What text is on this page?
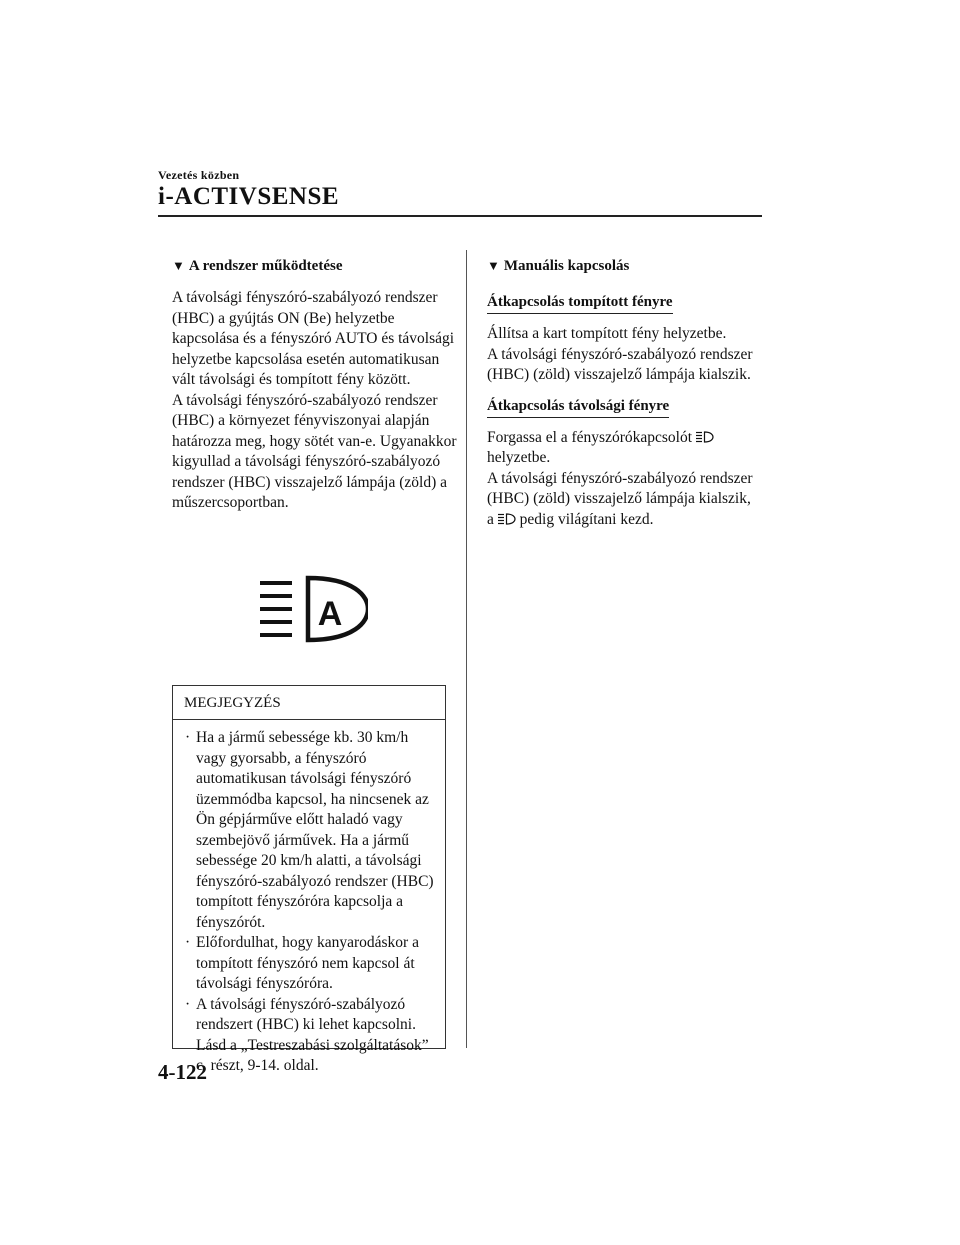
Vezetés közben
i-ACTIVSENSE
▼ A rendszer működtetése

A távolsági fényszóró-szabályozó rendszer (HBC) a gyújtás ON (Be) helyzetbe kapcsolása és a fényszóró AUTO és távolsági helyzetbe kapcsolása esetén automatikusan vált távolsági és tompított fény között.

A távolsági fényszóró-szabályozó rendszer (HBC) a környezet fényviszonyai alapján határozza meg, hogy sötét van-e. Ugyanakkor kigyullad a távolsági fényszóró-szabályozó rendszer (HBC) visszajelző lámpája (zöld) a műszercsoportban.

A
MEGJEGYZÉS
· Ha a jármű sebessége kb. 30 km/h vagy gyorsabb, a fényszóró automatikusan távolsági fényszóró üzemmódba kapcsol, ha nincsenek az Ön gépjárműve előtt haladó vagy szembejövő járművek. Ha a jármű sebessége 20 km/h alatti, a távolsági fényszóró-szabályozó rendszer (HBC) tompított fényszóróra kapcsolja a fényszórót.
· Előfordulhat, hogy kanyarodáskor a tompított fényszóró nem kapcsol át távolsági fényszóróra.
· A távolsági fényszóró-szabályozó rendszert (HBC) ki lehet kapcsolni. Lásd a „Testreszabási szolgáltatások” c. részt, 9-14. oldal.
▼ Manuális kapcsolás
Átkapcsolás tompított fényre

Állítsa a kart tompított fény helyzetbe.

A távolsági fényszóró-szabályozó rendszer (HBC) (zöld) visszajelző lámpája kialszik.

Átkapcsolás távolsági fényre

Forgassa el a fényszórókapcsolót
helyzetbe.

A távolsági fényszóró-szabályozó rendszer (HBC) (zöld) visszajelző lámpája kialszik,

a pedig világítani kezd.

4-122
